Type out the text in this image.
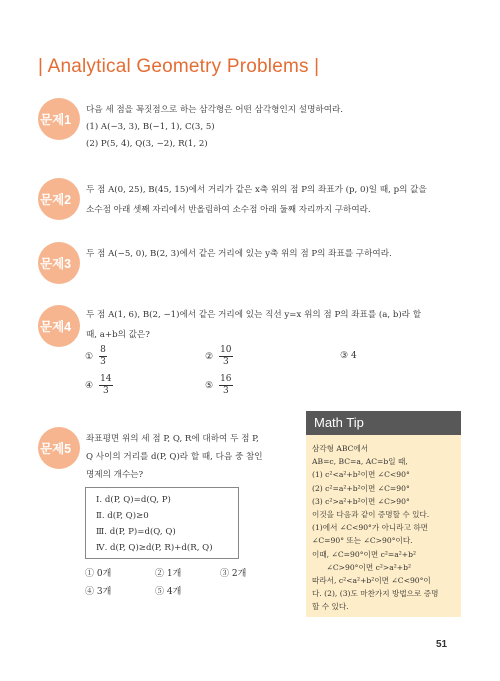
| Analytical Geometry Problems |
문제1
다음 세 점을 꼭짓점으로 하는 삼각형은 어떤 삼각형인지 설명하여라.
(1) A(−3, 3), B(−1, 1), C(3, 5)
(2) P(5, 4), Q(3, −2), R(1, 2)
문제2
두 점 A(0, 25), B(45, 15)에서 거리가 같은 x축 위의 점 P의 좌표가 (p, 0)일 때, p의 값을
소수점 아래 셋째 자리에서 반올림하여 소수점 아래 둘째 자리까지 구하여라.
문제3
두 점 A(−5, 0), B(2, 3)에서 같은 거리에 있는 y축 위의 점 P의 좌표를 구하여라.
문제4
두 점 A(1, 6), B(2, −1)에서 같은 거리에 있는 직선 y=x 위의 점 P의 좌표를 (a, b)라 할
때, a+b의 값은?
① $\frac{8}{3}$	② $\frac{10}{3}$	③ 4
④ $\frac{14}{3}$	⑤ $\frac{16}{3}$
문제5
좌표평면 위의 세 점 P, Q, R에 대하여 두 점 P,
Q 사이의 거리를 d(P, Q)라 할 때, 다음 중 참인
명제의 개수는?
Ⅰ. d(P, Q)=d(Q, P)
Ⅱ. d(P, Q)≥0
Ⅲ. d(P, P)=d(Q, Q)
Ⅳ. d(P, Q)≥d(P, R)+d(R, Q)
① 0개	② 1개	③ 2개
④ 3개	⑤ 4개
Math Tip
삼각형 ABC에서
AB=c, BC=a, AC=b일 때,
(1) c²<a²+b²이면 ∠C<90°
(2) c²=a²+b²이면 ∠C=90°
(3) c²>a²+b²이면 ∠C>90°
이것을 다음과 같이 증명할 수 있다.
(1)에서 ∠C<90°가 아니라고 하면
∠C=90° 또는 ∠C>90°이다.
이때, ∠C=90°이면 c²=a²+b²
∠C>90°이면 c²>a²+b²
따라서, c²<a²+b²이면 ∠C<90°이
다. (2), (3)도 마찬가지 방법으로 증명
할 수 있다.
51
